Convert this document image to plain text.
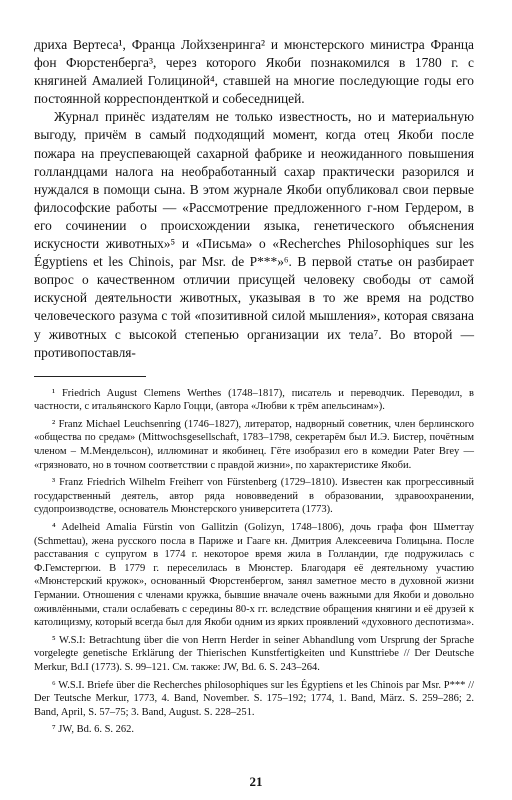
дриха Вертеса¹, Франца Лойхзенринга² и мюнстерского министра Франца фон Фюрстенберга³, через которого Якоби познакомился в 1780 г. с княгиней Амалией Голициной⁴, ставшей на многие последующие годы его постоянной корреспонденткой и собеседницей.

Журнал принёс издателям не только известность, но и материальную выгоду, причём в самый подходящий момент, когда отец Якоби после пожара на преуспевающей сахарной фабрике и неожиданного повышения голландцами налога на необработанный сахар практически разорился и нуждался в помощи сына. В этом журнале Якоби опубликовал свои первые философские работы — «Рассмотрение предложенного г-ном Гердером, в его сочинении о происхождении языка, генетического объяснения искусности животных»⁵ и «Письма» о «Recherches Philosophiques sur les Égyptiens et les Chinois, par Msr. de P***»⁶. В первой статье он разбирает вопрос о качественном отличии присущей человеку свободы от самой искусной деятельности животных, указывая в то же время на родство человеческого разума с той «позитивной силой мышления», которая связана у животных с высокой степенью организации их тела⁷. Во второй — противопоставля-

¹ Friedrich August Clemens Werthes (1748–1817), писатель и переводчик. Переводил, в частности, с итальянского Карло Гоцци, (автора «Любви к трём апельсинам»).

² Franz Michael Leuchsenring (1746–1827), литератор, надворный советник, член берлинского «общества по средам» (Mittwochsgesellschaft, 1783–1798, секретарём был И.Э. Бистер, почётным членом – М.Мендельсон), иллюминат и якобинец. Гёте изобразил его в комедии Pater Brey — «грязновато, но в точном соответствии с правдой жизни», по характеристике Якоби.

³ Franz Friedrich Wilhelm Freiherr von Fürstenberg (1729–1810). Известен как прогрессивный государственный деятель, автор ряда нововведений в образовании, здравоохранении, судопроизводстве, основатель Мюнстерского университета (1773).

⁴ Adelheid Amalia Fürstin von Gallitzin (Golizyn, 1748–1806), дочь графа фон Шметтау (Schmettau), жена русского посла в Париже и Гааге кн. Дмитрия Алексеевича Голицына. После расставания с супругом в 1774 г. некоторое время жила в Голландии, где подружилась с Ф.Гемстергюи. В 1779 г. переселилась в Мюнстер. Благодаря её деятельному участию «Мюнстерский кружок», основанный Фюрстенбергом, занял заметное место в духовной жизни Германии. Отношения с членами кружка, бывшие вначале очень важными для Якоби и довольно оживлёнными, стали ослабевать с середины 80-х гг. вследствие обращения княгини и её друзей к католицизму, который всегда был для Якоби одним из ярких проявлений «духовного деспотизма».

⁵ W.S.I: Betrachtung über die von Herrn Herder in seiner Abhandlung vom Ursprung der Sprache vorgelegte genetische Erklärung der Thierischen Kunstfertigkeiten und Kunsttriebe // Der Deutsche Merkur, Bd.I (1773). S. 99–121. См. также: JW, Bd. 6. S. 243–264.

⁶ W.S.I. Briefe über die Recherches philosophiques sur les Égyptiens et les Chinois par Msr. P*** // Der Teutsche Merkur, 1773, 4. Band, November. S. 175–192; 1774, 1. Band, März. S. 259–286; 2. Band, April, S. 57–75; 3. Band, August. S. 228–251.

⁷ JW, Bd. 6. S. 262.

21
